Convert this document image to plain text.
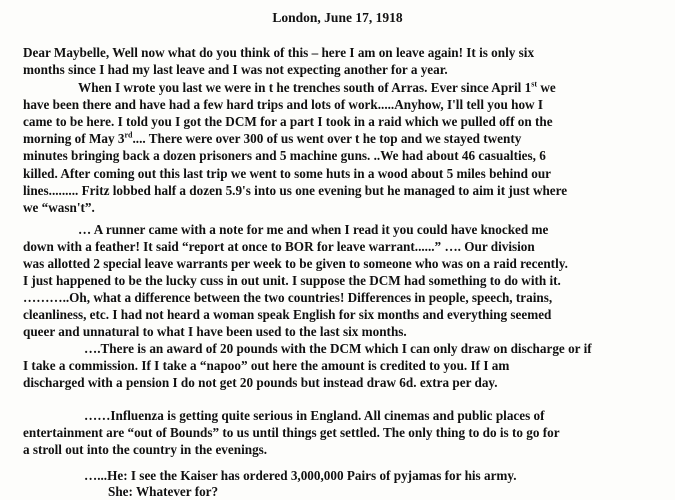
London, June 17, 1918
Dear Maybelle, Well now what do you think of this – here I am on leave again! It is only six
months since I had my last leave and I was not expecting another for a year.
When I wrote you last we were in t he trenches south of Arras. Ever since April 1st we
have been there and have had a few hard trips and lots of work.....Anyhow, I'll tell you how I
came to be here. I told you I got the DCM for a part I took in a raid which we pulled off on the
morning of May 3rd.... There were over 300 of us went over t he top and we stayed twenty
minutes bringing back a dozen prisoners and 5 machine guns. ..We had about 46 casualties, 6
killed. After coming out this last trip we went to some huts in a wood about 5 miles behind our
lines......... Fritz lobbed half a dozen 5.9's into us one evening but he managed to aim it just where
we “wasn't”.
… A runner came with a note for me and when I read it you could have knocked me
down with a feather! It said “report at once to BOR for leave warrant......” …. Our division
was allotted 2 special leave warrants per week to be given to someone who was on a raid recently.
I just happened to be the lucky cuss in out unit. I suppose the DCM had something to do with it.
………..Oh, what a difference between the two countries! Differences in people, speech, trains,
cleanliness, etc. I had not heard a woman speak English for six months and everything seemed
queer and unnatural to what I have been used to the last six months.
….There is an award of 20 pounds with the DCM which I can only draw on discharge or if
I take a commission. If I take a “napoo” out here the amount is credited to you. If I am
discharged with a pension I do not get 20 pounds but instead draw 6d. extra per day.
……Influenza is getting quite serious in England. All cinemas and public places of
entertainment are “out of Bounds” to us until things get settled. The only thing to do is to go for
a stroll out into the country in the evenings.
…...He: I see the Kaiser has ordered 3,000,000 Pairs of pyjamas for his army.
She: Whatever for?
